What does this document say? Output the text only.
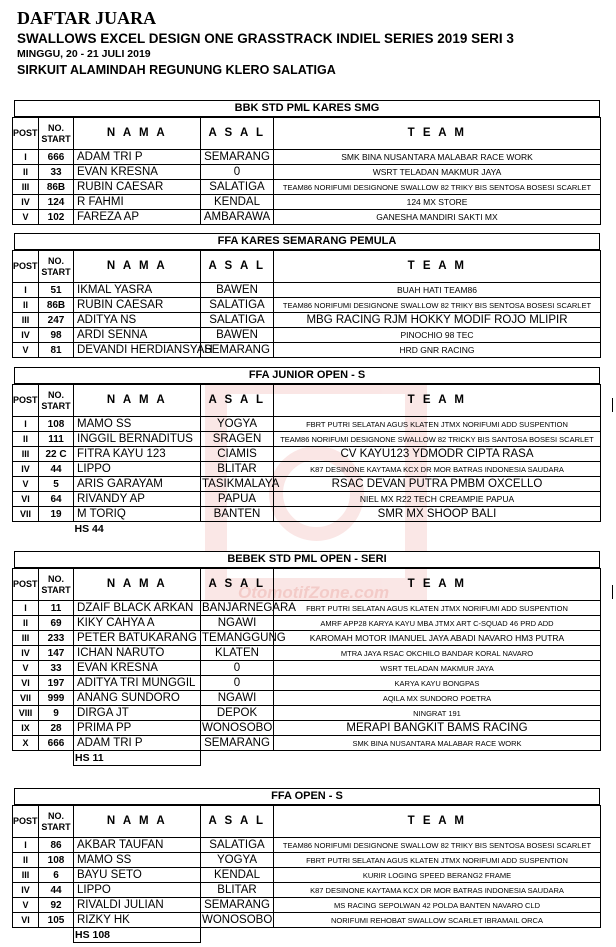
OtomotifZone.com
DAFTAR JUARA
SWALLOWS EXCEL DESIGN ONE GRASSTRACK INDIEL SERIES 2019 SERI 3
MINGGU, 20 - 21 JULI 2019
SIRKUIT ALAMINDAH REGUNUNG KLERO SALATIGA
BBK STD PML KARES SMG
POST	NO. START	N A M A	A S A L	T E A M
I	666	ADAM TRI P	SEMARANG	SMK BINA NUSANTARA MALABAR RACE WORK
II	33	EVAN KRESNA	0	WSRT TELADAN MAKMUR JAYA
III	86B	RUBIN CAESAR	SALATIGA	TEAM86 NORIFUMI DESIGNONE SWALLOW 82 TRIKY BIS SENTOSA BOSESI SCARLET
IV	124	R FAHMI	KENDAL	124 MX STORE
V	102	FAREZA AP	AMBARAWA	GANESHA MANDIRI SAKTI MX
FFA KARES SEMARANG PEMULA
POST	NO. START	N A M A	A S A L	T E A M
I	51	IKMAL YASRA	BAWEN	BUAH HATI TEAM86
II	86B	RUBIN CAESAR	SALATIGA	TEAM86 NORIFUMI DESIGNONE SWALLOW 82 TRIKY BIS SENTOSA BOSESI SCARLET
III	247	ADITYA NS	SALATIGA	MBG RACING RJM HOKKY MODIF ROJO MLIPIR
IV	98	ARDI SENNA	BAWEN	PINOCHIO 98 TEC
V	81	DEVANDI HERDIANSYAH	SEMARANG	HRD GNR RACING
FFA JUNIOR OPEN - S
POST	NO. START	N A M A	A S A L	T E A M
I	108	MAMO SS	YOGYA	FBRT PUTRI SELATAN AGUS KLATEN JTMX NORIFUMI ADD SUSPENTION
II	111	INGGIL BERNADITUS	SRAGEN	TEAM86 NORIFUMI DESIGNONE SWALLOW 82 TRICKY BIS SANTOSA BOSESI SCARLET
III	22 C	FITRA KAYU 123	CIAMIS	CV KAYU123 YDMODR CIPTA RASA
IV	44	LIPPO	BLITAR	K87 DESINONE KAYTAMA KCX DR MOR BATRAS INDONESIA SAUDARA
V	5	ARIS GARAYAM	TASIKMALAYA	RSAC DEVAN PUTRA PMBM OXCELLO
VI	64	RIVANDY AP	PAPUA	NIEL MX R22 TECH CREAMPIE PAPUA
VII	19	M TORIQ	BANTEN	SMR MX SHOOP BALI
		HS 44		
BEBEK STD PML OPEN - SERI
POST	NO. START	N A M A	A S A L	T E A M
I	11	DZAIF BLACK ARKAN	BANJARNEGARA	FBRT PUTRI SELATAN AGUS KLATEN JTMX NORIFUMI ADD SUSPENTION
II	69	KIKY CAHYA A	NGAWI	AMRF APP28 KARYA KAYU MBA JTMX ART C-SQUAD 46 PRD ADD
III	233	PETER BATUKARANG	TEMANGGUNG	KAROMAH MOTOR IMANUEL JAYA ABADI NAVARO HM3 PUTRA
IV	147	ICHAN NARUTO	KLATEN	MTRA JAYA RSAC OKCHILO BANDAR KORAL NAVARO
V	33	EVAN KRESNA	0	WSRT TELADAN MAKMUR JAYA
VI	197	ADITYA TRI MUNGGIL	0	KARYA KAYU BONGPAS
VII	999	ANANG SUNDORO	NGAWI	AQILA MX SUNDORO POETRA
VIII	9	DIRGA JT	DEPOK	NINGRAT 191
IX	28	PRIMA PP	WONOSOBO	MERAPI BANGKIT BAMS RACING
X	666	ADAM TRI P	SEMARANG	SMK BINA NUSANTARA MALABAR RACE WORK
		HS 11		
FFA OPEN - S
POST	NO. START	N A M A	A S A L	T E A M
I	86	AKBAR TAUFAN	SALATIGA	TEAM86 NORIFUMI DESIGNONE SWALLOW 82 TRIKY BIS SENTOSA BOSESI SCARLET
II	108	MAMO SS	YOGYA	FBRT PUTRI SELATAN AGUS KLATEN JTMX NORIFUMI ADD SUSPENTION
III	6	BAYU SETO	KENDAL	KURIR LOGING SPEED BERANG2 FRAME
IV	44	LIPPO	BLITAR	K87 DESINONE KAYTAMA KCX DR MOR BATRAS INDONESIA SAUDARA
V	92	RIVALDI JULIAN	SEMARANG	MS RACING SEPOLWAN 42 POLDA BANTEN NAVARO CLD
VI	105	RIZKY HK	WONOSOBO	NORIFUMI REHOBAT SWALLOW SCARLET IBRAMAIL ORCA
		HS 108		
